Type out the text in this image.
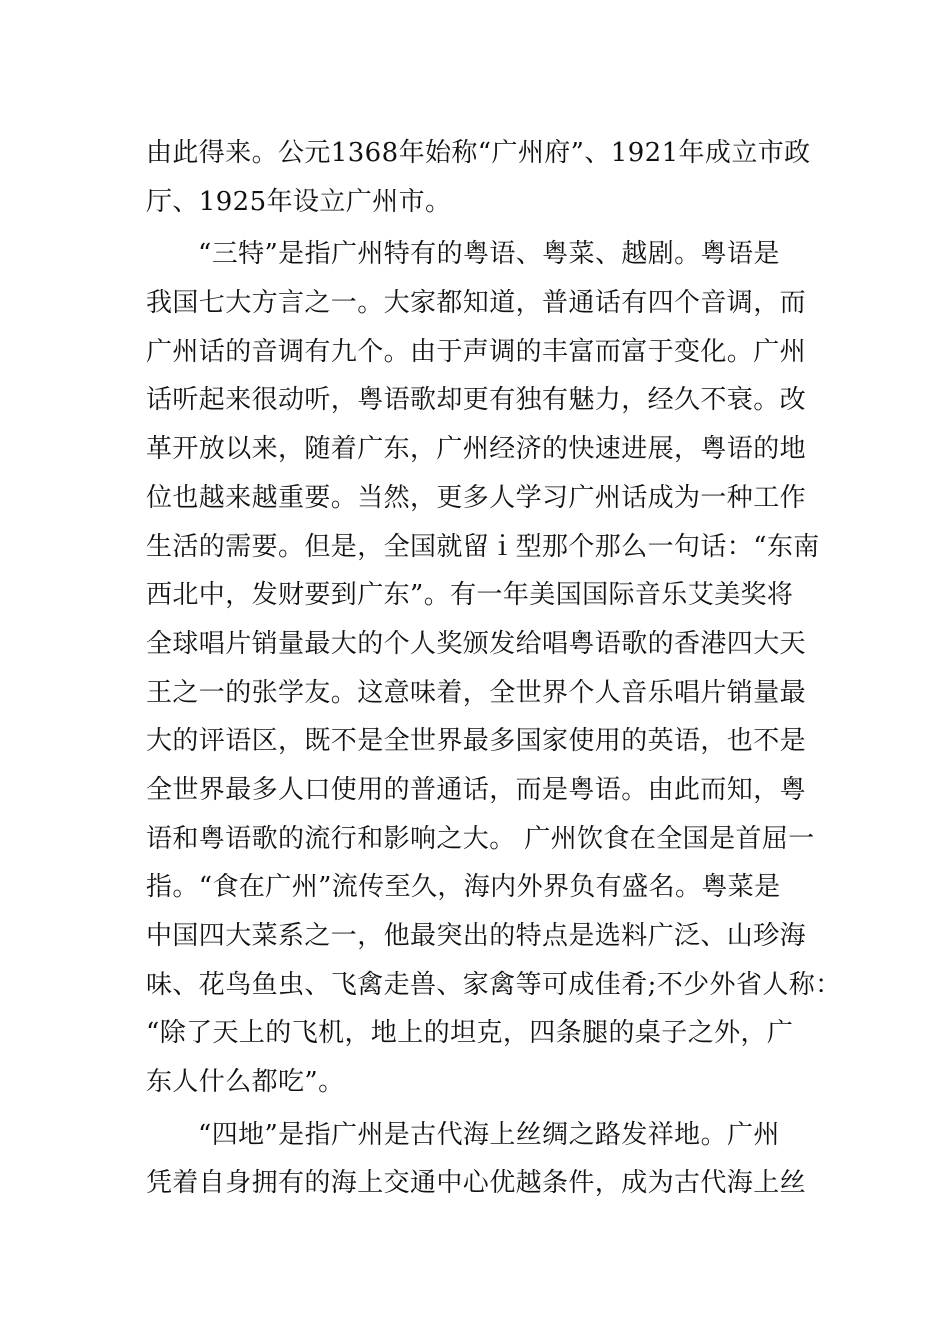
由此得来。公元1368年始称“广州府”、1921年成立市政
厅、1925年设立广州市。
“三特”是指广州特有的粤语、粤菜、越剧。粤语是
我国七大方言之一。大家都知道，普通话有四个音调，而
广州话的音调有九个。由于声调的丰富而富于变化。广州
话听起来很动听，粤语歌却更有独有魅力，经久不衰。改
革开放以来，随着广东，广州经济的快速进展，粤语的地
位也越来越重要。当然，更多人学习广州话成为一种工作
生活的需要。但是，全国就留ｉ型那个那么一句话：“东南
西北中，发财要到广东”。有一年美国国际音乐艾美奖将
全球唱片销量最大的个人奖颁发给唱粤语歌的香港四大天
王之一的张学友。这意味着，全世界个人音乐唱片销量最
大的评语区，既不是全世界最多国家使用的英语，也不是
全世界最多人口使用的普通话，而是粤语。由此而知，粤
语和粤语歌的流行和影响之大。 广州饮食在全国是首屈一
指。“食在广州”流传至久，海内外界负有盛名。粤菜是
中国四大菜系之一，他最突出的特点是选料广泛、山珍海
味、花鸟鱼虫、飞禽走兽、家禽等可成佳肴;不少外省人称：
“除了天上的飞机，地上的坦克，四条腿的桌子之外，广
东人什么都吃”。
“四地”是指广州是古代海上丝绸之路发祥地。广州
凭着自身拥有的海上交通中心优越条件，成为古代海上丝
